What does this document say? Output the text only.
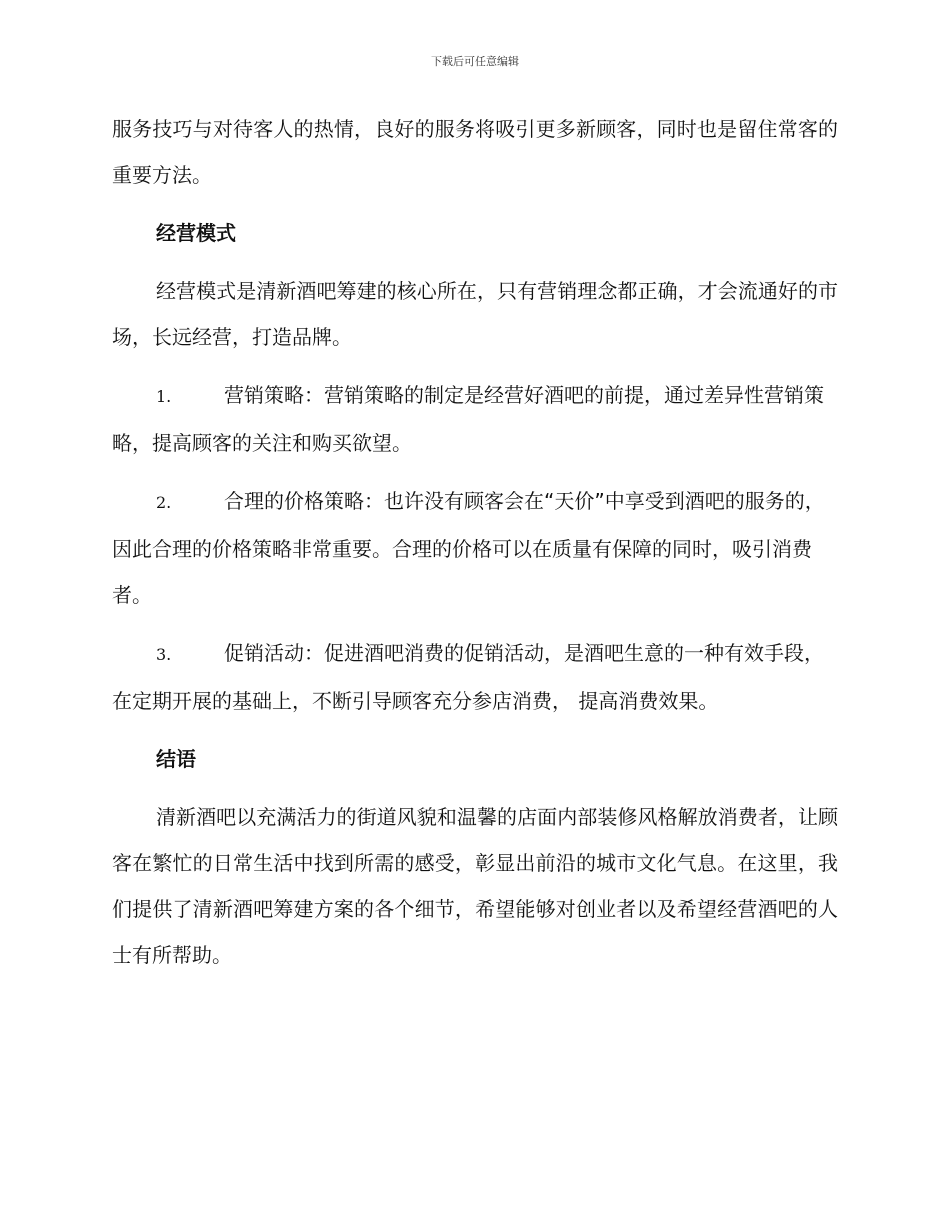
下载后可任意编辑

服务技巧与对待客人的热情，良好的服务将吸引更多新顾客，同时也是留住常客的重要方法。

经营模式

经营模式是清新酒吧筹建的核心所在，只有营销理念都正确，才会流通好的市场，长远经营，打造品牌。

1.	营销策略：营销策略的制定是经营好酒吧的前提，通过差异性营销策略，提高顾客的关注和购买欲望。
2.	合理的价格策略：也许没有顾客会在“天价”中享受到酒吧的服务的，因此合理的价格策略非常重要。合理的价格可以在质量有保障的同时，吸引消费者。
3.	促销活动：促进酒吧消费的促销活动，是酒吧生意的一种有效手段，在定期开展的基础上，不断引导顾客充分参店消费， 提高消费效果。
结语

清新酒吧以充满活力的街道风貌和温馨的店面内部装修风格解放消费者，让顾客在繁忙的日常生活中找到所需的感受，彰显出前沿的城市文化气息。在这里，我们提供了清新酒吧筹建方案的各个细节，希望能够对创业者以及希望经营酒吧的人士有所帮助。
